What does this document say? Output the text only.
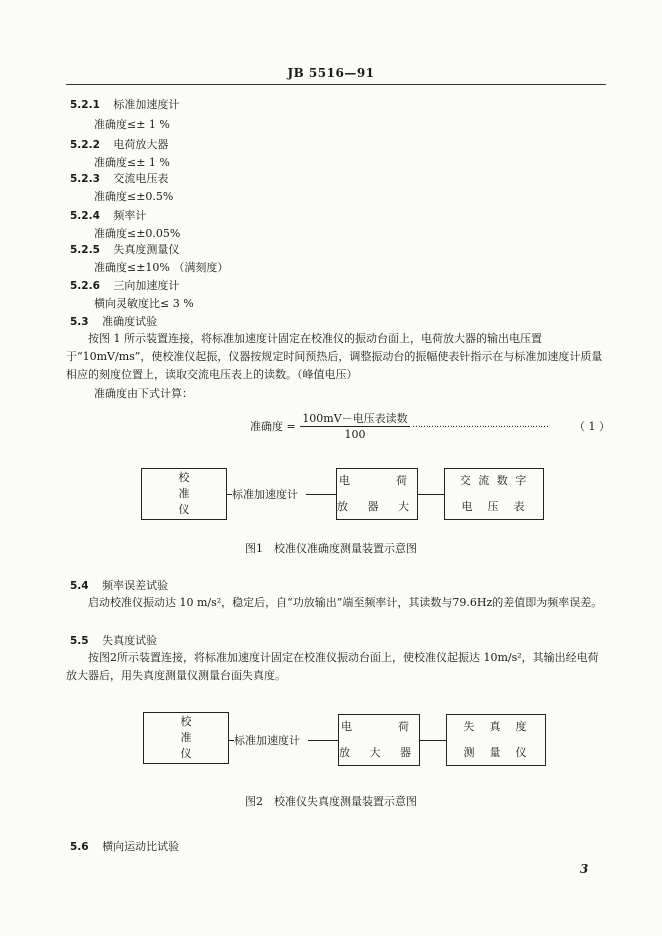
JB 5516—91
5.2.1 标准加速度计
准确度≤± 1 %
5.2.2 电荷放大器
准确度≤± 1 %
5.2.3 交流电压表
准确度≤±0.5%
5.2.4 频率计
准确度≤±0.05%
5.2.5 失真度测量仪
准确度≤±10% （满刻度）
5.2.6 三向加速度计
横向灵敏度比≤ 3 %
5.3 准确度试验
按图 1 所示装置连接，将标准加速度计固定在校准仪的振动台面上，电荷放大器的输出电压置于“10mV/ms”，使校准仪起振，仪器按规定时间预热后，调整振动台的振幅使表针指示在与标准加速度计质量相应的刻度位置上，读取交流电压表上的读数。（峰值电压）
准确度由下式计算：
准确度 =
100mV－电压表读数
100
……………………………………………	（ 1 ）
校
准
仪
标准加速度计
电　　荷
放 器 大
交 流 数 字
电　压　表
图1　校准仪准确度测量装置示意图
5.4 频率误差试验
启动校准仪振动达 10 m/s²，稳定后，自“功放输出”端至频率计，其读数与79.6Hz的差值即为频率误差。
5.5 失真度试验
按图2所示装置连接，将标准加速度计固定在校准仪振动台面上，使校准仪起振达 10m/s²，其输出经电荷放大器后，用失真度测量仪测量台面失真度。
校
准
仪
标准加速度计
电　　荷
放 大 器
失　真　度
测　量　仪
图2　校准仪失真度测量装置示意图
5.6 横向运动比试验
3
